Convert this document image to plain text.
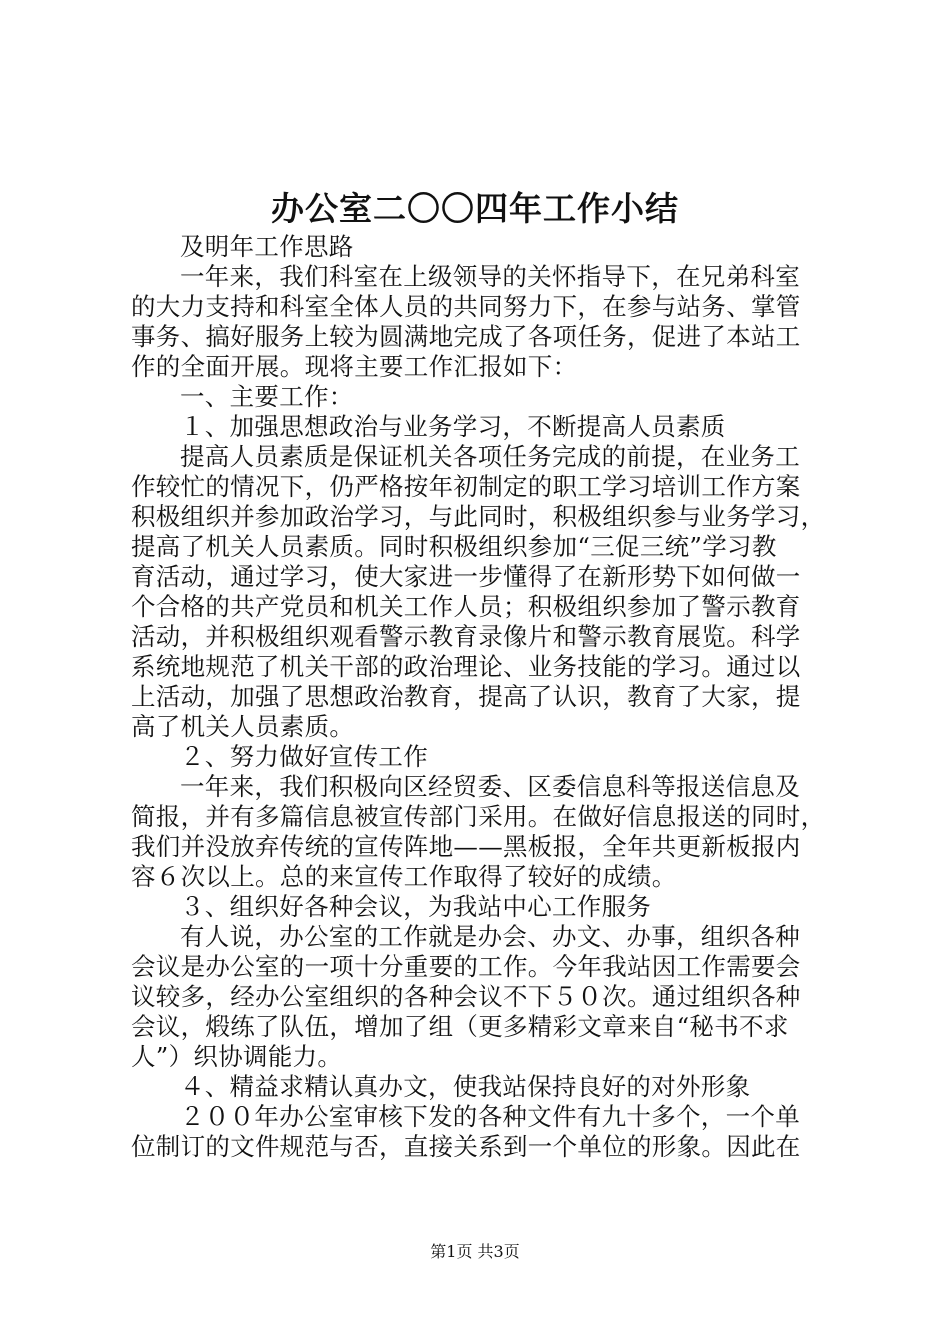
办公室二〇〇四年工作小结
及明年工作思路
一年来，我们科室在上级领导的关怀指导下，在兄弟科室
的大力支持和科室全体人员的共同努力下，在参与站务、掌管
事务、搞好服务上较为圆满地完成了各项任务，促进了本站工
作的全面开展。现将主要工作汇报如下：
一、主要工作：
１、加强思想政治与业务学习，不断提高人员素质
提高人员素质是保证机关各项任务完成的前提，在业务工
作较忙的情况下，仍严格按年初制定的职工学习培训工作方案
积极组织并参加政治学习，与此同时，积极组织参与业务学习，
提高了机关人员素质。同时积极组织参加“三促三统”学习教
育活动，通过学习，使大家进一步懂得了在新形势下如何做一
个合格的共产党员和机关工作人员；积极组织参加了警示教育
活动，并积极组织观看警示教育录像片和警示教育展览。科学
系统地规范了机关干部的政治理论、业务技能的学习。通过以
上活动，加强了思想政治教育，提高了认识，教育了大家，提
高了机关人员素质。
２、努力做好宣传工作
一年来，我们积极向区经贸委、区委信息科等报送信息及
简报，并有多篇信息被宣传部门采用。在做好信息报送的同时，
我们并没放弃传统的宣传阵地——黑板报，全年共更新板报内
容６次以上。总的来宣传工作取得了较好的成绩。
３、组织好各种会议，为我站中心工作服务
有人说，办公室的工作就是办会、办文、办事，组织各种
会议是办公室的一项十分重要的工作。今年我站因工作需要会
议较多，经办公室组织的各种会议不下５０次。通过组织各种
会议，煅练了队伍，增加了组（更多精彩文章来自“秘书不求
人”）织协调能力。
４、精益求精认真办文，使我站保持良好的对外形象
２００年办公室审核下发的各种文件有九十多个，一个单
位制订的文件规范与否，直接关系到一个单位的形象。因此在
第1页 共3页
